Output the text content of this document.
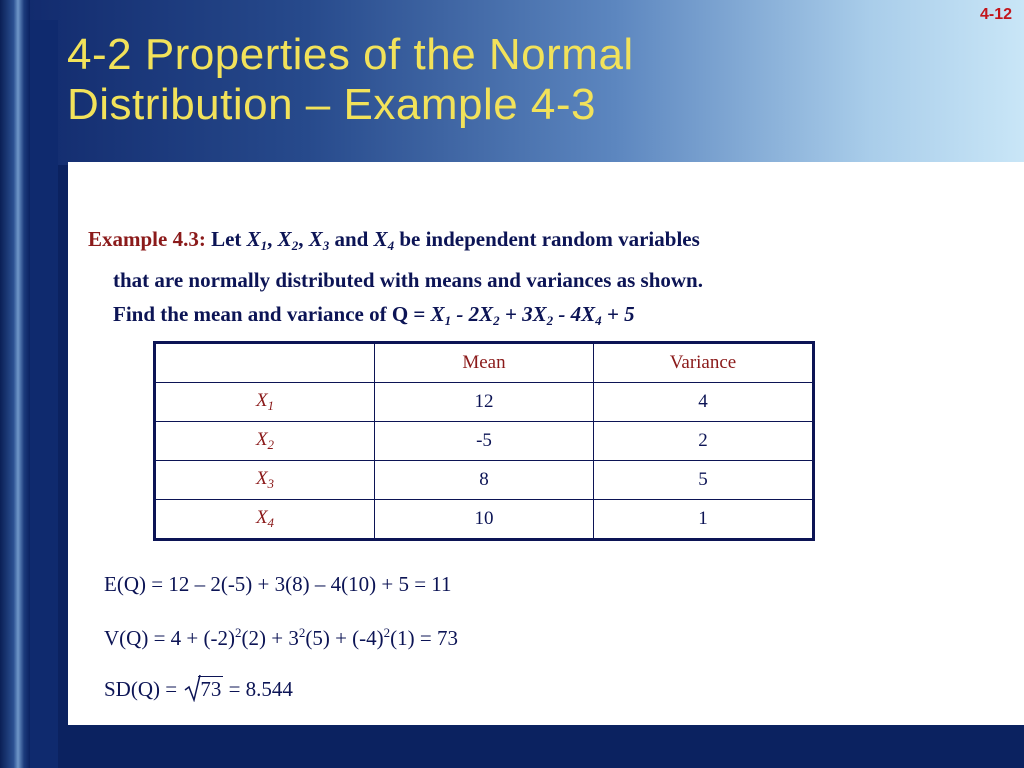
4-12
4-2 Properties of the Normal
Distribution – Example 4-3
Example 4.3: Let $X_1$, $X_2$, $X_3$ and $X_4$ be independent random variables
that are normally distributed with means and variances as shown.
Find the mean and variance of $Q = X_1 - 2X_2 + 3X_2 - 4X_4 + 5$
	Mean	Variance
$X_1$	12	4
$X_2$	-5	2
$X_3$	8	5
$X_4$	10	1
E(Q) = 12 – 2(-5) + 3(8) – 4(10) + 5 = 11
$V(Q) = 4 + (-2)^2(2) + 3^2(5) + (-4)^2(1) = 73$
SD(Q) = 73 = 8.544
